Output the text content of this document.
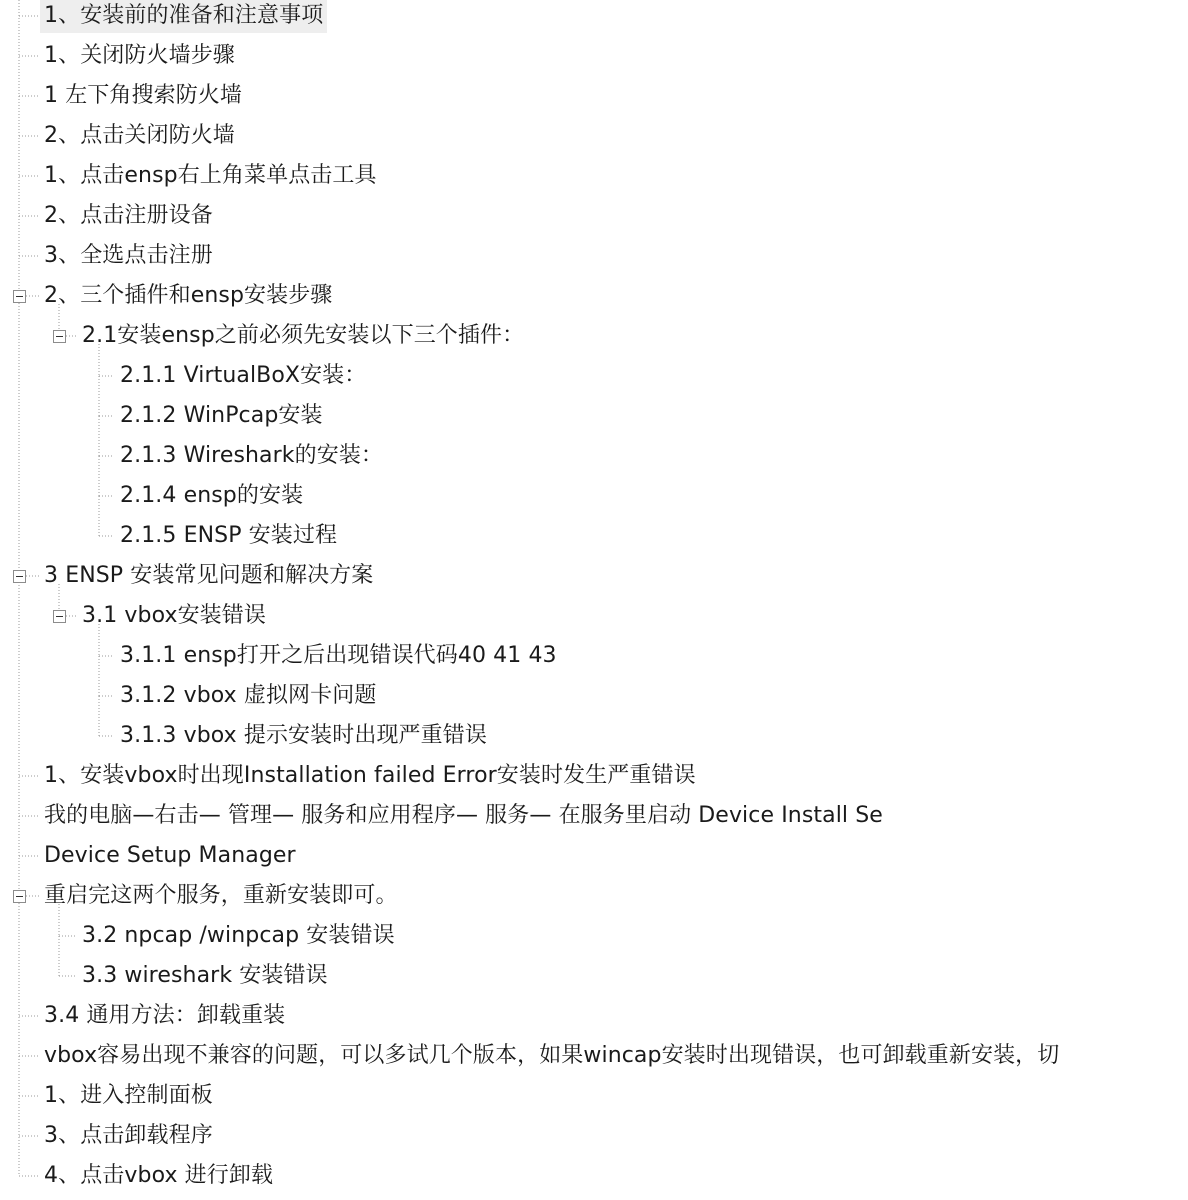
1、安装前的准备和注意事项
1、关闭防火墙步骤
1 左下角搜索防火墙
2、点击关闭防火墙
1、点击ensp右上角菜单点击工具
2、点击注册设备
3、全选点击注册
2、三个插件和ensp安装步骤
2.1安装ensp之前必须先安装以下三个插件：
2.1.1 VirtualBoX安装：
2.1.2 WinPcap安装
2.1.3 Wireshark的安装：
2.1.4 ensp的安装
2.1.5 ENSP 安装过程
3 ENSP 安装常见问题和解决方案
3.1 vbox安装错误
3.1.1 ensp打开之后出现错误代码40 41 43
3.1.2 vbox 虚拟网卡问题
3.1.3 vbox 提示安装时出现严重错误
1、安装vbox时出现Installation failed Error安装时发生严重错误
我的电脑—右击— 管理— 服务和应用程序— 服务— 在服务里启动 Device Install Se
Device Setup Manager
重启完这两个服务，重新安装即可。
3.2 npcap /winpcap 安装错误
3.3 wireshark 安装错误
3.4 通用方法：卸载重装
vbox容易出现不兼容的问题，可以多试几个版本，如果wincap安装时出现错误，也可卸载重新安装，切
1、进入控制面板
3、点击卸载程序
4、点击vbox 进行卸载
